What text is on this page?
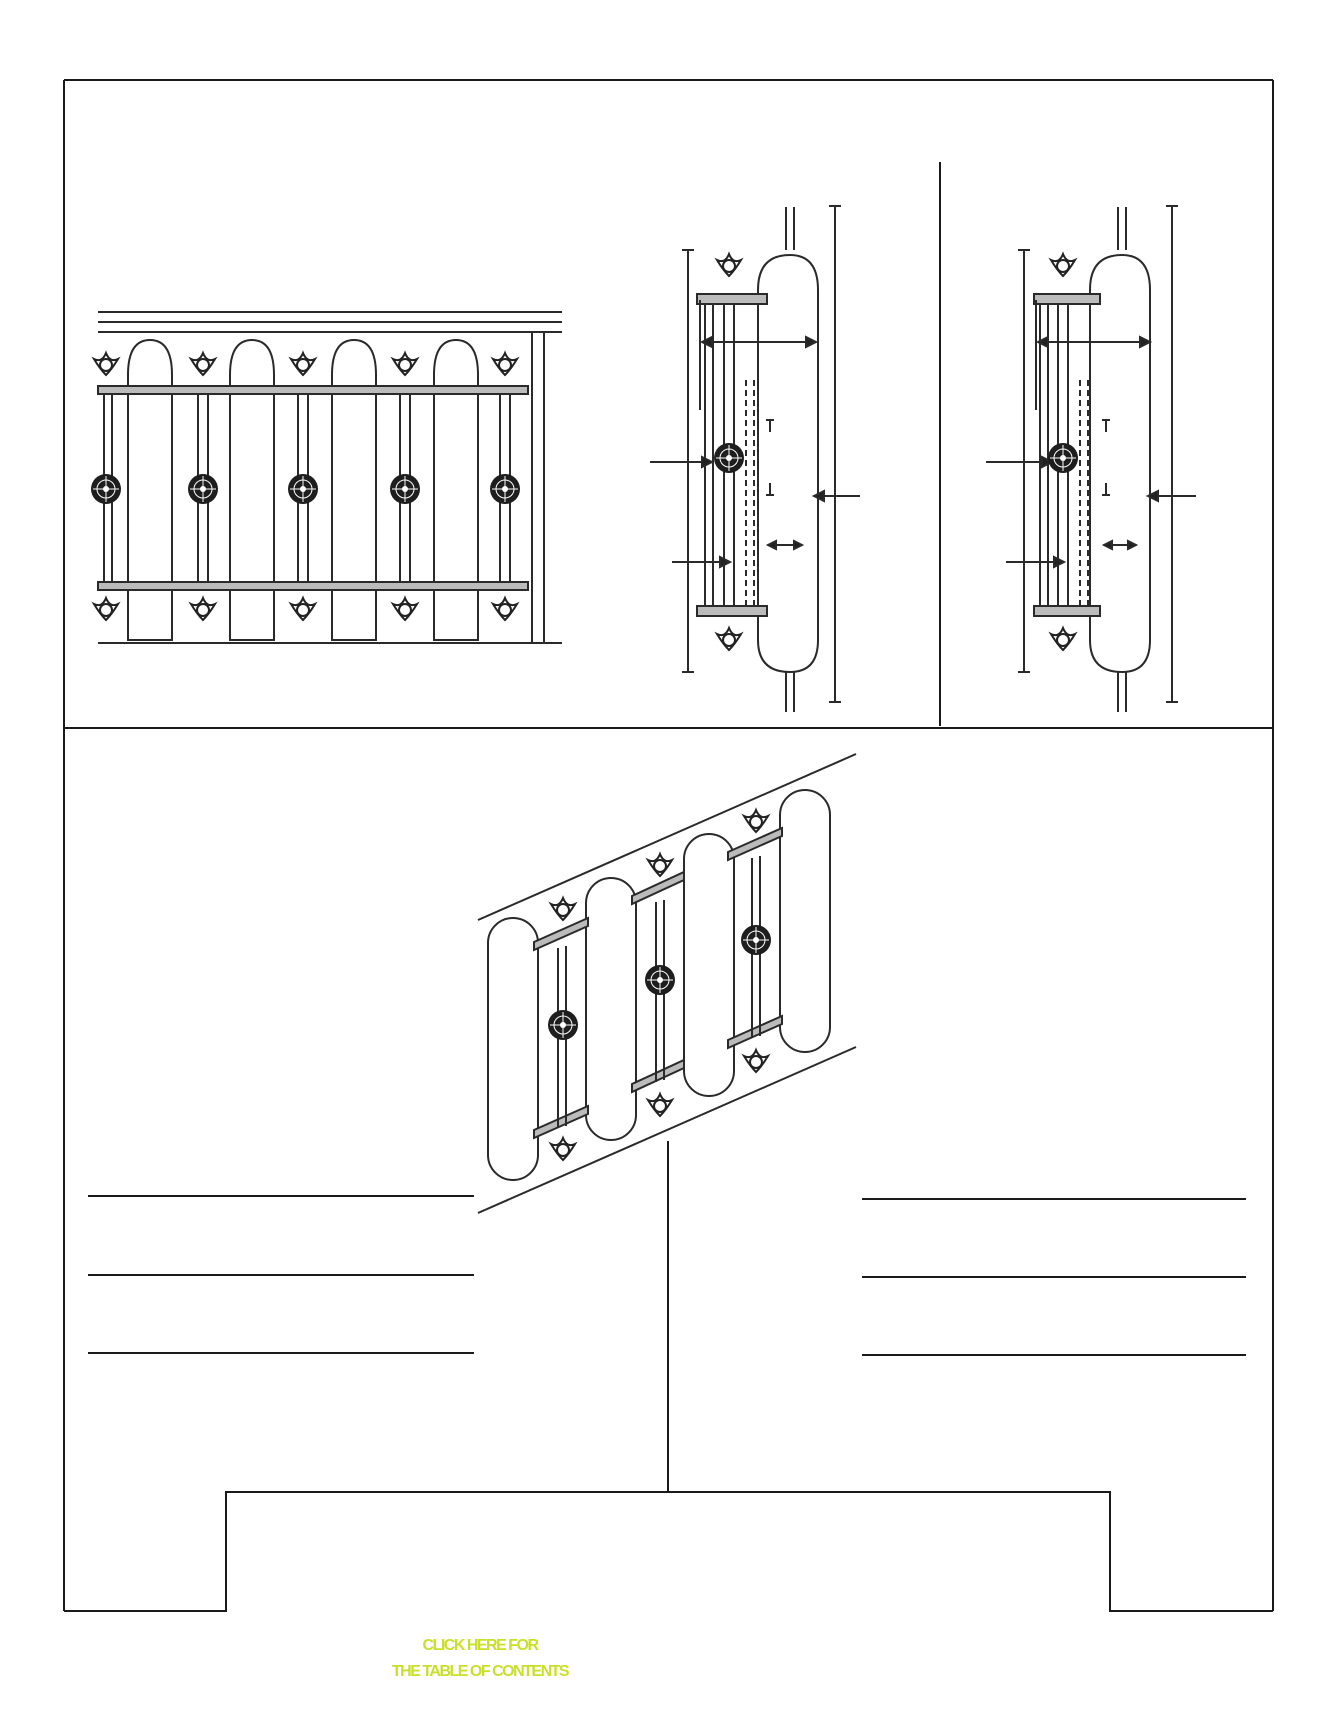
CLICK HERE FOR
THE TABLE OF CONTENTS
